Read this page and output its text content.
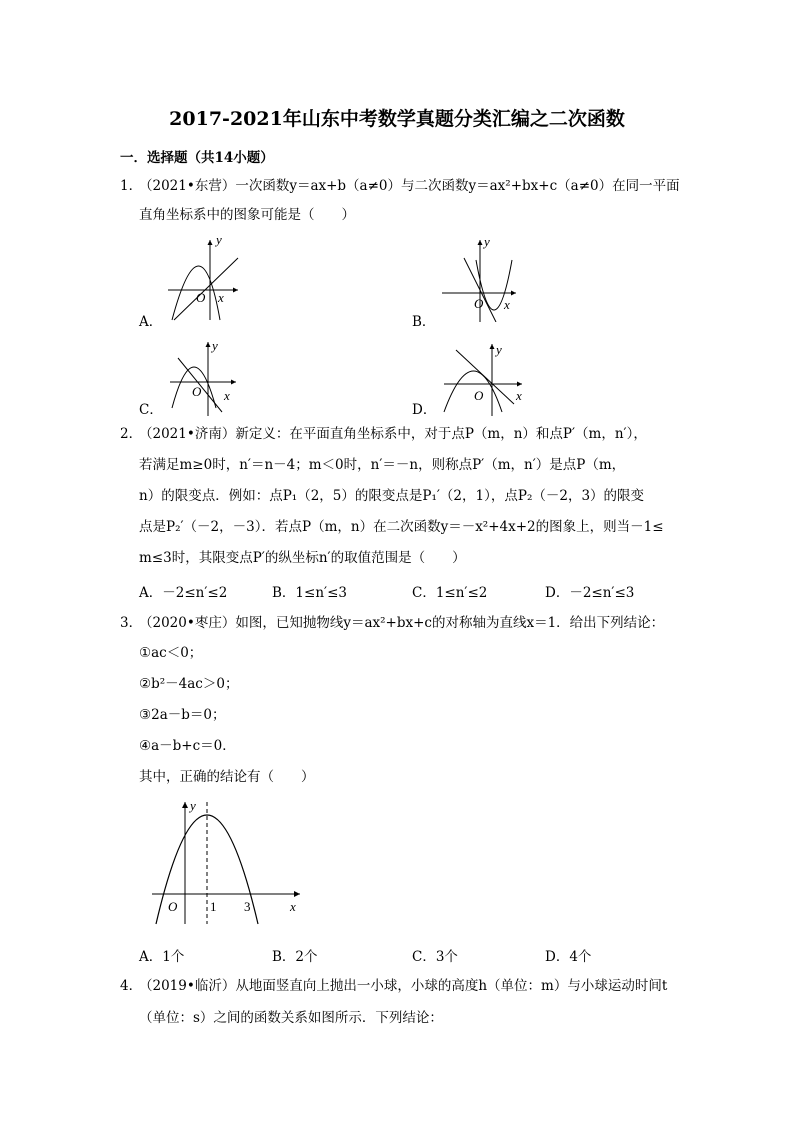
2017-2021年山东中考数学真题分类汇编之二次函数
一．选择题（共14小题）
1．
（2021•东营）一次函数y＝ax+b（a≠0）与二次函数y＝ax²+bx+c（a≠0）在同一平面
直角坐标系中的图象可能是（　　）
A．	B．
C．	D．
y
x
O
y
x
O
y
x
O
y
x
O
2．
（2021•济南）新定义：在平面直角坐标系中，对于点P（m，n）和点P′（m，n′），
若满足m≥0时，n′＝n－4；m＜0时，n′＝－n，则称点P′（m，n′）是点P（m，
n）的限变点．例如：点P₁（2，5）的限变点是P₁′（2，1），点P₂（－2，3）的限变
点是P₂′（－2，－3）．若点P（m，n）在二次函数y＝－x²+4x+2的图象上，则当－1≤
m≤3时，其限变点P′的纵坐标n′的取值范围是（　　）
A．－2≤n′≤2	B．1≤n′≤3	C．1≤n′≤2	D．－2≤n′≤3
3．
（2020•枣庄）如图，已知抛物线y＝ax²+bx+c的对称轴为直线x＝1．给出下列结论：
①ac＜0；
②b²－4ac＞0；
③2a－b＝0；
④a－b+c＝0．
其中，正确的结论有（　　）
y
O	1 3	x
A．1个	B．2个	C．3个	D．4个
4．
（2019•临沂）从地面竖直向上抛出一小球，小球的高度h（单位：m）与小球运动时间t
（单位：s）之间的函数关系如图所示．下列结论：
